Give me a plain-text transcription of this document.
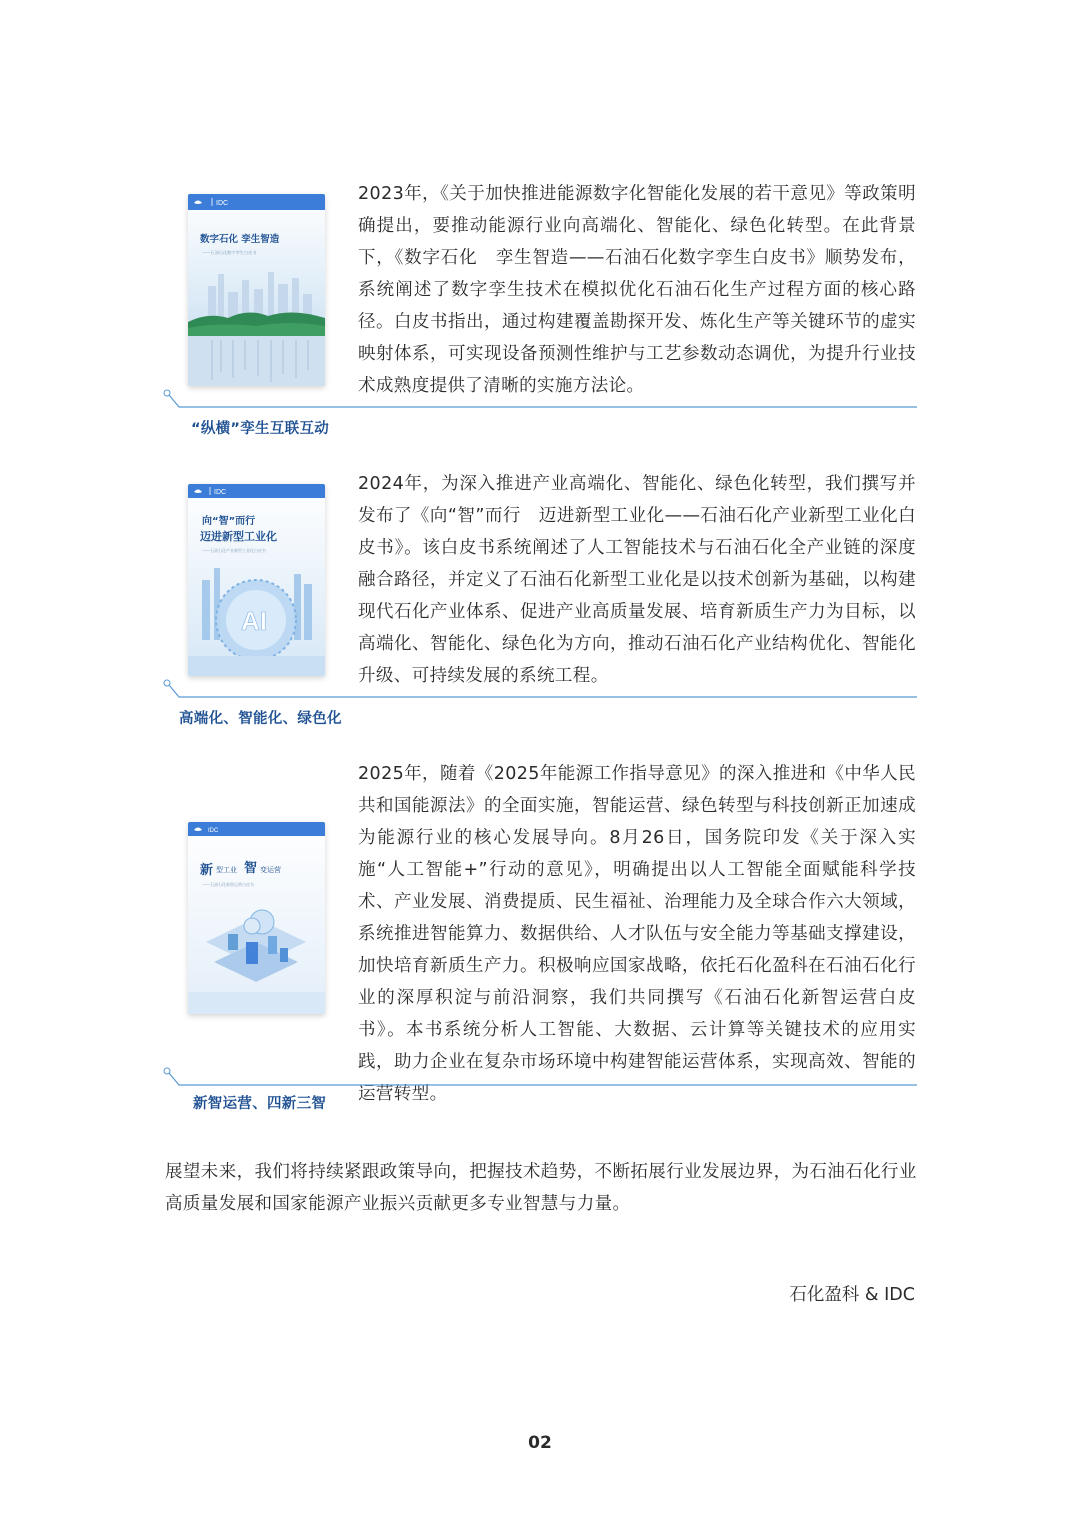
IDC
数字石化 孪生智造
——石油石化数字孪生白皮书

2023年，《关于加快推进能源数字化智能化发展的若干意见》等政策明确提出，要推动能源行业向高端化、智能化、绿色化转型。在此背景下，《数字石化　孪生智造——石油石化数字孪生白皮书》顺势发布，系统阐述了数字孪生技术在模拟优化石油石化生产过程方面的核心路径。白皮书指出，通过构建覆盖勘探开发、炼化生产等关键环节的虚实映射体系，可实现设备预测性维护与工艺参数动态调优，为提升行业技术成熟度提供了清晰的实施方法论。

“纵横”孪生互联互动

IDC
向“智”而行
迈进新型工业化
——石油石化产业新型工业化白皮书
AI

2024年，为深入推进产业高端化、智能化、绿色化转型，我们撰写并发布了《向“智”而行　迈进新型工业化——石油石化产业新型工业化白皮书》。该白皮书系统阐述了人工智能技术与石油石化全产业链的深度融合路径，并定义了石油石化新型工业化是以技术创新为基础，以构建现代石化产业体系、促进产业高质量发展、培育新质生产力为目标，以高端化、智能化、绿色化为方向，推动石油石化产业结构优化、智能化升级、可持续发展的系统工程。

高端化、智能化、绿色化

IDC
新 型工业 智 变运营
——石油石化新智运营白皮书

2025年，随着《2025年能源工作指导意见》的深入推进和《中华人民共和国能源法》的全面实施，智能运营、绿色转型与科技创新正加速成为能源行业的核心发展导向。8月26日，国务院印发《关于深入实施“人工智能+”行动的意见》，明确提出以人工智能全面赋能科学技术、产业发展、消费提质、民生福祉、治理能力及全球合作六大领域，系统推进智能算力、数据供给、人才队伍与安全能力等基础支撑建设，加快培育新质生产力。积极响应国家战略，依托石化盈科在石油石化行业的深厚积淀与前沿洞察，我们共同撰写《石油石化新智运营白皮书》。本书系统分析人工智能、大数据、云计算等关键技术的应用实践，助力企业在复杂市场环境中构建智能运营体系，实现高效、智能的运营转型。

新智运营、四新三智

展望未来，我们将持续紧跟政策导向，把握技术趋势，不断拓展行业发展边界，为石油石化行业高质量发展和国家能源产业振兴贡献更多专业智慧与力量。

石化盈科 & IDC

02
